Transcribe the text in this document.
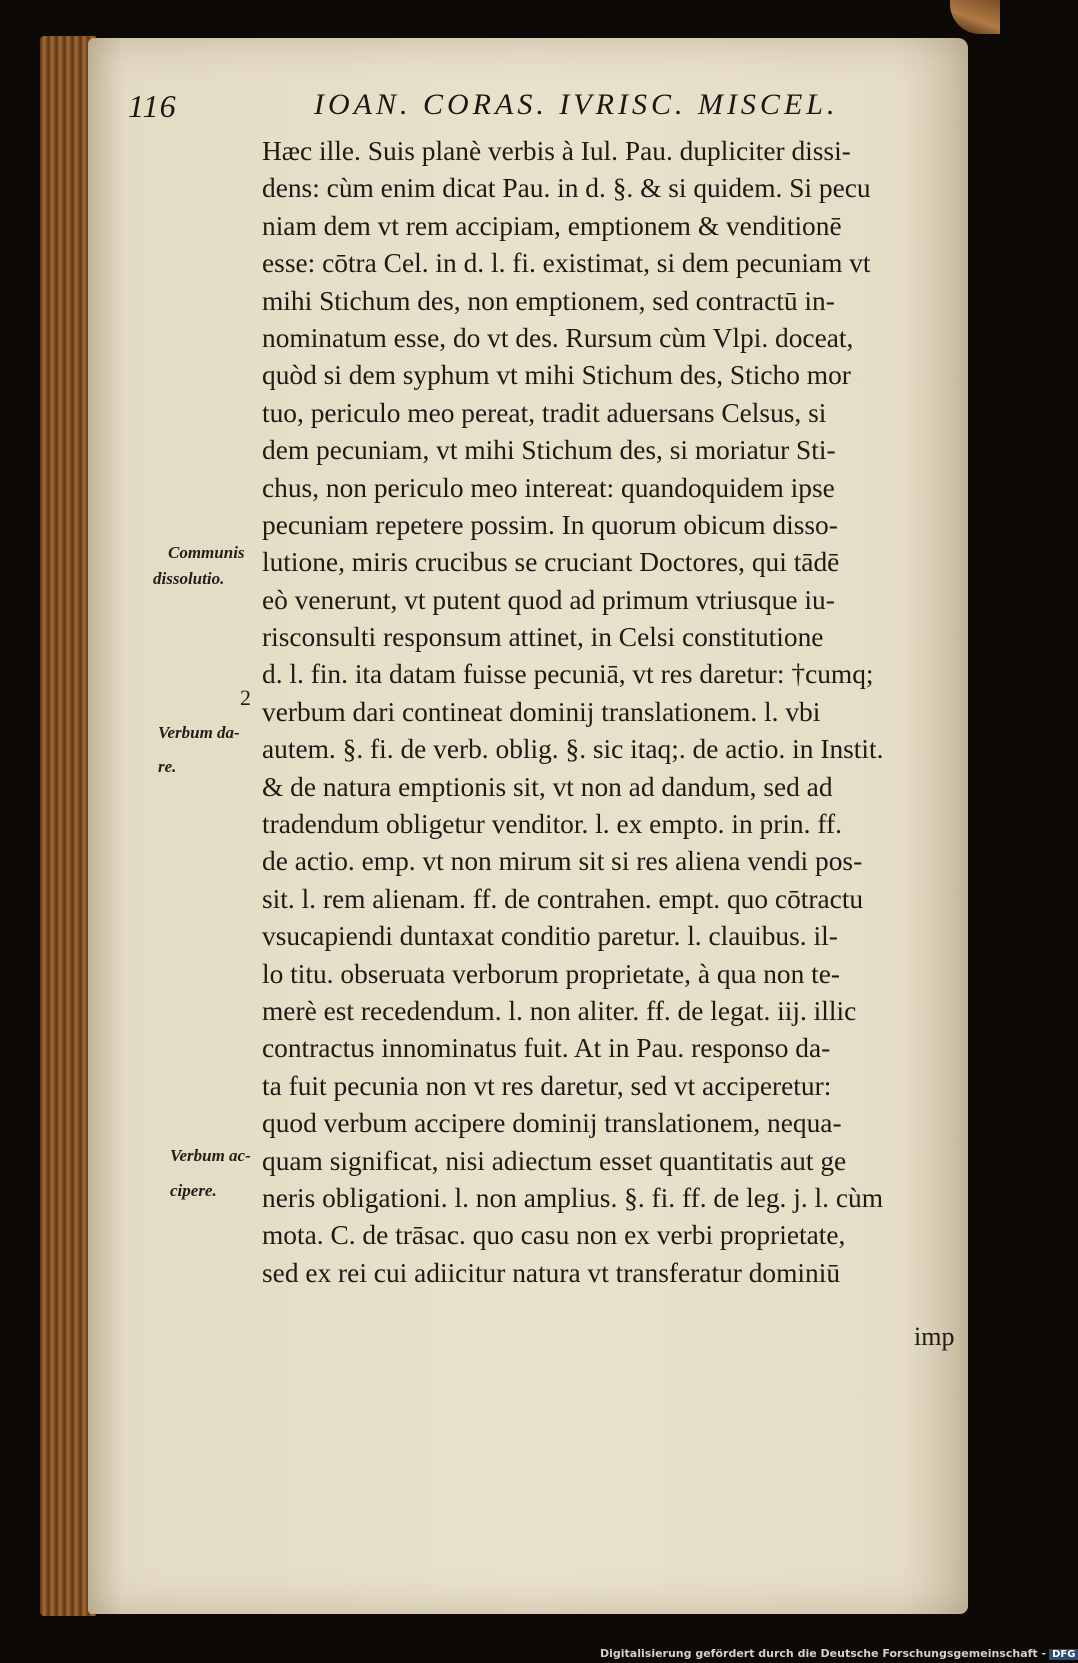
116	IOAN. CORAS. IVRISC. MISCEL.
Hæc ille. Suis planè verbis à Iul. Pau. dupliciter dissi-
dens: cùm enim dicat Pau. in d. §. & si quidem. Si pecu
niam dem vt rem accipiam, emptionem & venditionē
esse: cōtra Cel. in d. l. fi. existimat, si dem pecuniam vt
mihi Stichum des, non emptionem, sed contractū in-
nominatum esse, do vt des. Rursum cùm Vlpi. doceat,
quòd si dem syphum vt mihi Stichum des, Sticho mor
tuo, periculo meo pereat, tradit aduersans Celsus, si
dem pecuniam, vt mihi Stichum des, si moriatur Sti-
chus, non periculo meo intereat: quandoquidem ipse
pecuniam repetere possim. In quorum obicum disso-
lutione, miris crucibus se cruciant Doctores, qui tādē
eò venerunt, vt putent quod ad primum vtriusque iu-
risconsulti responsum attinet, in Celsi constitutione
d. l. fin. ita datam fuisse pecuniā, vt res daretur: †cumq;
verbum dari contineat dominij translationem. l. vbi
autem. §. fi. de verb. oblig. §. sic itaq;. de actio. in Instit.
& de natura emptionis sit, vt non ad dandum, sed ad
tradendum obligetur venditor. l. ex empto. in prin. ff.
de actio. emp. vt non mirum sit si res aliena vendi pos-
sit. l. rem alienam. ff. de contrahen. empt. quo cōtractu
vsucapiendi duntaxat conditio paretur. l. clauibus. il-
lo titu. obseruata verborum proprietate, à qua non te-
merè est recedendum. l. non aliter. ff. de legat. iij. illic
contractus innominatus fuit. At in Pau. responso da-
ta fuit pecunia non vt res daretur, sed vt acciperetur:
quod verbum accipere dominij translationem, nequa-
quam significat, nisi adiectum esset quantitatis aut ge
neris obligationi. l. non amplius. §. fi. ff. de leg. j. l. cùm
mota. C. de trāsac. quo casu non ex verbi proprietate,
sed ex rei cui adiicitur natura vt transferatur dominiū
Communis
dissolutio.
2
Verbum da-
re.
Verbum ac-
cipere.
imp
Digitalisierung gefördert durch die Deutsche Forschungsgemeinschaft - DFG
